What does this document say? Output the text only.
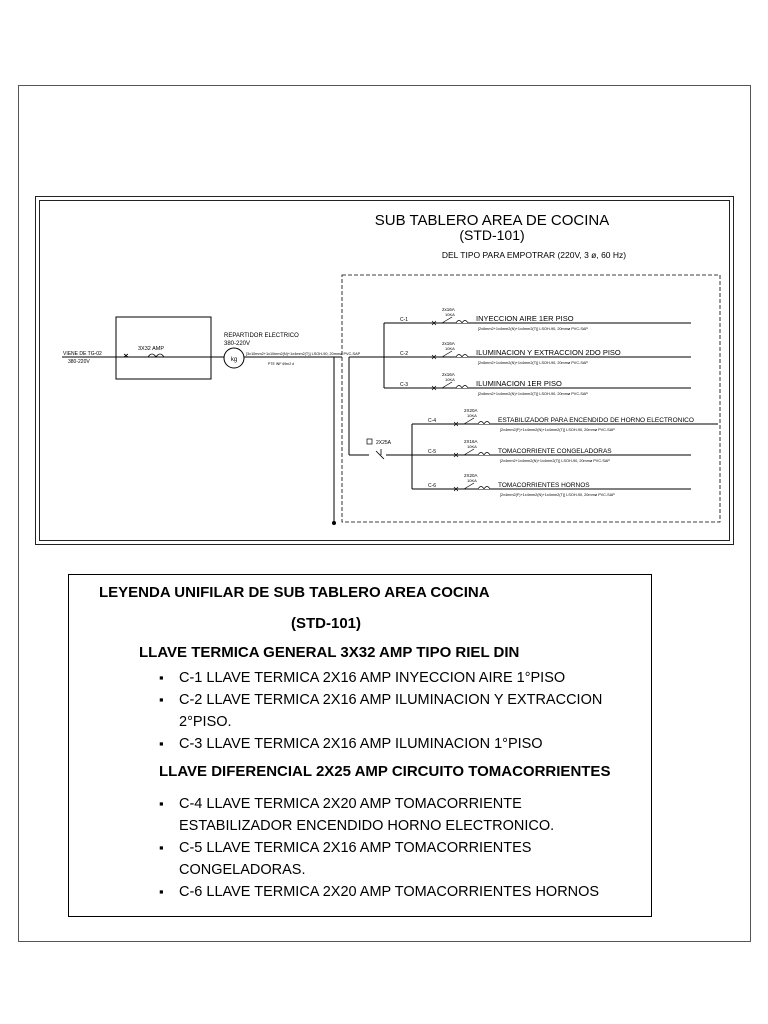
SUB TABLERO AREA DE COCINA
(STD-101)
DEL TIPO PARA EMPOTRAR (220V, 3 ø, 60 Hz)
VIENE DE TG-02
380-220V
3X32 AMP
kg
REPARTIDOR ELECTRICO
380-220V
[3x10mm2+1x10mm2(N)+1x4mm2(T)] LSOH-90, 20mmø PVC-SAP
PTE INF 69m2 d
2X25A
C-1
2x16A
10KA	INYECCION AIRE 1ER PISO
[2x6mm2+1x4mm2(N)+1x4mm2(T)] LSOH-90, 20mmø PVC-SAP
C-2
2x16A
10KA	ILUMINACION Y EXTRACCION 2DO PISO
[2x6mm2+1x4mm2(N)+1x4mm2(T)] LSOH-90, 20mmø PVC-SAP
C-3
2x16A
10KA	ILUMINACION 1ER PISO
[2x6mm2+1x4mm2(N)+1x4mm2(T)] LSOH-90, 20mmø PVC-SAP
C-4
2X20A
10KA
ESTABILIZADOR PARA ENCENDIDO DE HORNO ELECTRONICO
[2x4mm2(F)+1x4mm2(N)+1x4mm2(T)] LSOH-90, 20mmø PVC-SAP
C-5
2X16A
10KA
TOMACORRIENTE CONGELADORAS
[2x4mm2+1x4mm2(N)+1x4mm2(T)] LSOH-90, 20mmø PVC-SAP
C-6
2X20A
10KA
TOMACORRIENTES HORNOS
[2x4mm2(F)+1x4mm2(N)+1x4mm2(T)] LSOH-90, 20mmø PVC-SAP
LEYENDA UNIFILAR DE SUB TABLERO AREA COCINA
(STD-101)
LLAVE TERMICA GENERAL 3X32 AMP TIPO RIEL DIN
▪ C-1 LLAVE TERMICA 2X16 AMP INYECCION AIRE 1°PISO
▪ C-2 LLAVE TERMICA 2X16 AMP ILUMINACION Y EXTRACCION 2°PISO.
▪ C-3 LLAVE TERMICA 2X16 AMP ILUMINACION 1°PISO
LLAVE DIFERENCIAL 2X25 AMP CIRCUITO TOMACORRIENTES
▪ C-4 LLAVE TERMICA 2X20 AMP TOMACORRIENTE ESTABILIZADOR ENCENDIDO HORNO ELECTRONICO.
▪ C-5 LLAVE TERMICA 2X16 AMP TOMACORRIENTES CONGELADORAS.
▪ C-6 LLAVE TERMICA 2X20 AMP TOMACORRIENTES HORNOS
